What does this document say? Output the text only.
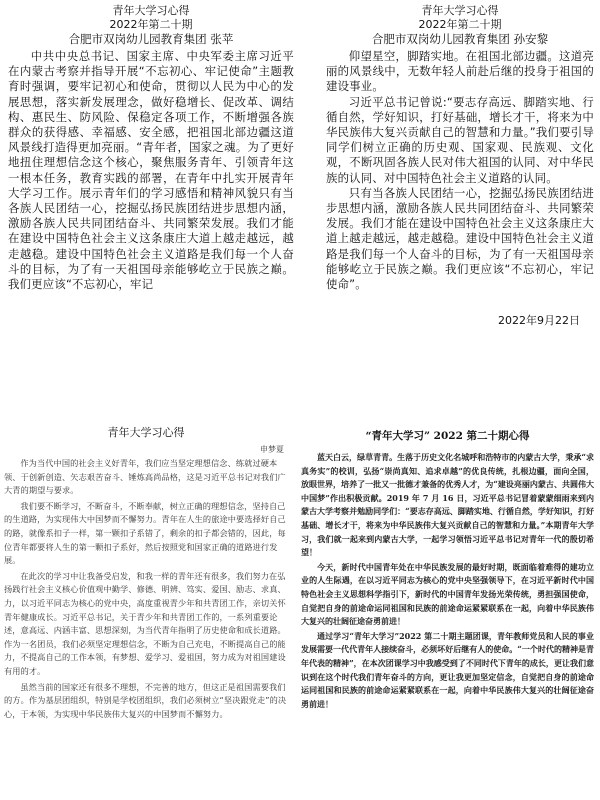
青年大学习心得
2022年第二十期
合肥市双岗幼儿园教育集团 张苹

中共中央总书记、国家主席、中央军委主席习近平在内蒙古考察并指导开展“不忘初心、牢记使命”主题教育时强调，要牢记初心和使命，贯彻以人民为中心的发展思想，落实新发展理念，做好稳增长、促改革、调结构、惠民生、防风险、保稳定各项工作，不断增强各族群众的获得感、幸福感、安全感，把祖国北部边疆这道风景线打造得更加亮丽。“青年者，国家之魂。为了更好地扭住理想信念这个核心，聚焦服务青年、引领青年这一根本任务，教育实践的部署，在青年中扎实开展青年大学习工作。展示青年们的学习感悟和精神风貌只有当各族人民团结一心，挖掘弘扬民族团结进步思想内涵，激励各族人民共同团结奋斗、共同繁荣发展。我们才能在建设中国特色社会主义这条康庄大道上越走越远，越走越稳。建设中国特色社会主义道路是我们每一个人奋斗的目标，为了有一天祖国母亲能够屹立于民族之巅。我们更应该“不忘初心，牢记

青年大学习心得
2022年第二十期
合肥市双岗幼儿园教育集团 孙安黎

仰望星空，脚踏实地。在祖国北部边疆。这道亮丽的风景线中，无数年轻人前赴后继的投身于祖国的建设事业。

习近平总书记曾说:“要志存高远、脚踏实地、行循自然，学好知识，打好基础，增长才干，将来为中华民族伟大复兴贡献自己的智慧和力量。”我们要引导同学们树立正确的历史观、国家观、民族观、文化观，不断巩固各族人民对伟大祖国的认同、对中华民族的认同、对中国特色社会主义道路的认同。

只有当各族人民团结一心，挖掘弘扬民族团结进步思想内涵，激励各族人民共同团结奋斗、共同繁荣发展。我们才能在建设中国特色社会主义这条康庄大道上越走越远，越走越稳。建设中国特色社会主义道路是我们每一个人奋斗的目标，为了有一天祖国母亲能够屹立于民族之巅。我们更应该“不忘初心，牢记使命”。

2022年9月22日
青年大学习心得
申梦夏

作为当代中国的社会主义好青年，我们应当坚定理想信念、练就过硬本领、于创新创造、矢志艰苦奋斗、锤炼高尚品格，这是习近平总书记对我们广大青的期望与要求。

我们要不断学习，不断奋斗，不断奉献，树立正确的理想信念，坚持自己的生道路，为实现伟大中国梦而不懈努力。青年在人生的旅途中要选择好自己的路，就像系扣子一样，第一颗扣子系错了，剩余的扣子都会错的，因此，每位青年都要将人生的第一颗扣子系好，然后按照党和国家正确的道路进行发展。

在此次的学习中让我备受启发，和我一样的青年还有很多，我们努力在弘扬践行社会主义核心价值观中勤学、修德、明辨、笃实、爱国、励志、求真、力，以习近平同志为核心的党中央，高度重视青少年和共青团工作，亲切关怀青年健康成长。习近平总书记，关于青少年和共青团工作的，一系列重要论述，意高远、内涵丰富、思想深刻，为当代青年指明了历史使命和成长道路。作为一名团员，我们必须坚定理想信念，不断为自己充电，不断提高自己的能力，不提高自己的工作本领，有梦想、爱学习、爱祖国，努力成为对祖国建设有用的才。

虽然当前的国家还有很多不理想，不完善的地方，但这正是祖国需要我们的方。作为基层团组织，特别是学校团组织，我们必须树立“坚决跟党走”的决心，于本领，为实现中华民族伟大复兴的中国梦而不懈努力。

“青年大学习” 2022 第二十期心得

蓝天白云，绿草青青。生落于历史文化名城呼和浩特市的内蒙古大学，秉承“求真务实”的校训，弘扬“崇尚真知、追求卓越”的优良传统，扎根边疆，面向全国，放眼世界，培养了一批又一批德才兼备的优秀人才，为“建设亮丽内蒙古、共圆伟大中国梦”作出积极贡献。2019 年 7 月 16 日，习近平总书记冒着蒙蒙细雨来到内蒙古大学考察并勉励同学们：“要志存高远、脚踏实地、行循自然，学好知识，打好基础、增长才干，将来为中华民族伟大复兴贡献自己的智慧和力量。”本期青年大学习，我们就一起来到内蒙古大学，一起学习领悟习近平总书记对青年一代的殷切希望！

今天，新时代中国青年处在中华民族发展的最好时期，既面临着难得的建功立业的人生际遇，在以习近平同志为核心的党中央坚强领导下，在习近平新时代中国特色社会主义思想科学指引下，新时代的中国青年发扬光荣传统，勇担强国使命，自觉把自身的前途命运同祖国和民族的前途命运紧紧联系在一起，向着中华民族伟大复兴的壮阔征途奋勇前进！

通过学习“青年大学习”2022 第二十期主题团课，青年教师党员和人民的事业发展需要一代代青年人接续奋斗，必须坏好后继有人的使命。“一个时代的精神是青年代表的精神”，在本次团课学习中我感受到了不同时代下青年的成长，更让我们意识到在这个时代我们青年奋斗的方向，更让我更加坚定信念，自觉把自身的前途命运同祖国和民族的前途命运紧紧联系在一起，向着中华民族伟大复兴的壮阔征途奋勇前进！
